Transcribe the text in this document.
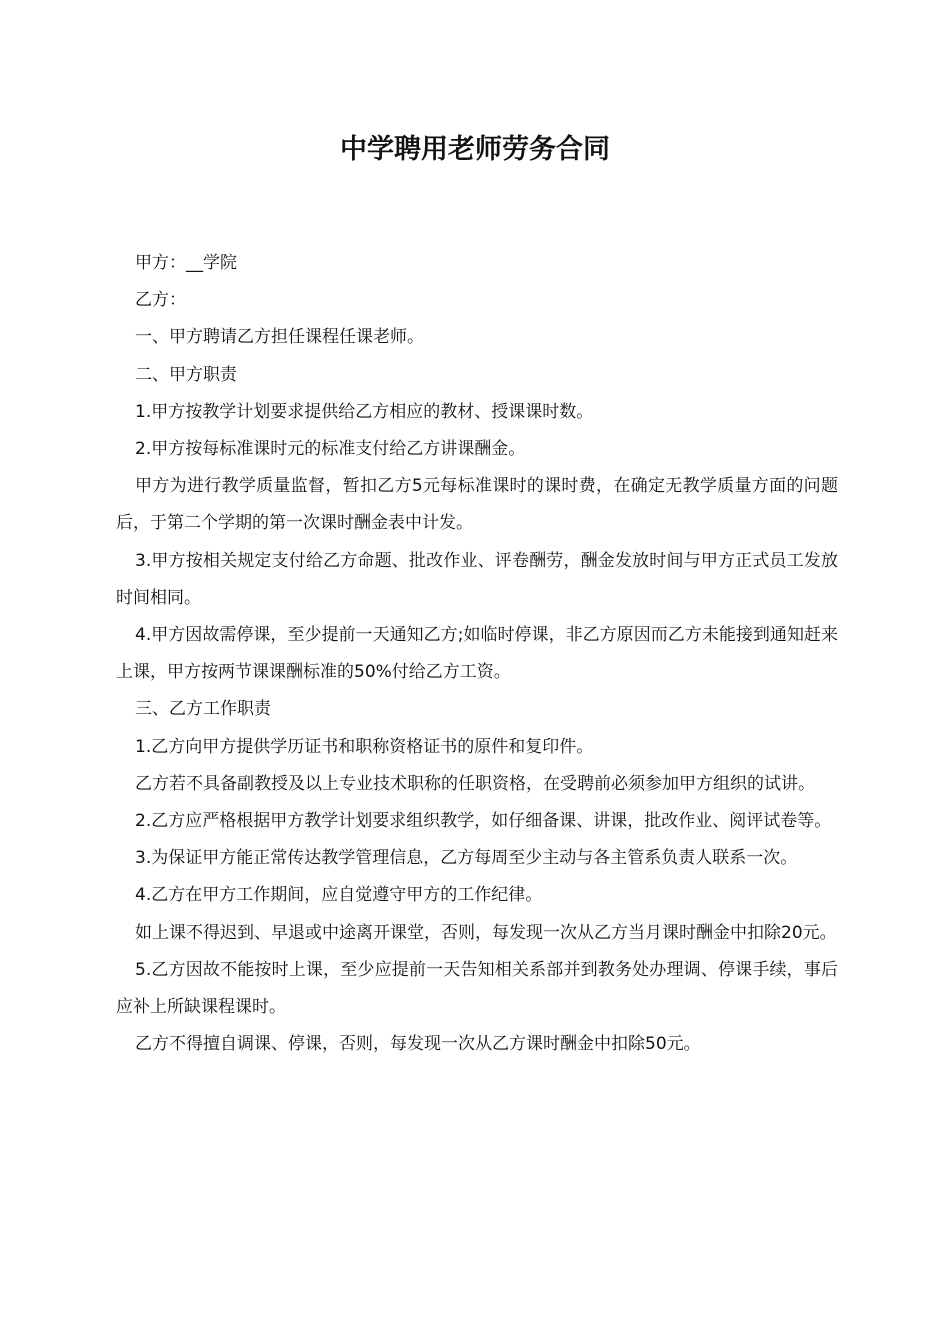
中学聘用老师劳务合同

甲方：__学院

乙方：

一、甲方聘请乙方担任课程任课老师。

二、甲方职责

1.甲方按教学计划要求提供给乙方相应的教材、授课课时数。

2.甲方按每标准课时元的标准支付给乙方讲课酬金。

甲方为进行教学质量监督，暂扣乙方5元每标准课时的课时费，在确定无教学质量方面的问题后，于第二个学期的第一次课时酬金表中计发。

3.甲方按相关规定支付给乙方命题、批改作业、评卷酬劳，酬金发放时间与甲方正式员工发放时间相同。

4.甲方因故需停课，至少提前一天通知乙方;如临时停课，非乙方原因而乙方未能接到通知赶来上课，甲方按两节课课酬标准的50%付给乙方工资。

三、乙方工作职责

1.乙方向甲方提供学历证书和职称资格证书的原件和复印件。

乙方若不具备副教授及以上专业技术职称的任职资格，在受聘前必须参加甲方组织的试讲。

2.乙方应严格根据甲方教学计划要求组织教学，如仔细备课、讲课，批改作业、阅评试卷等。

3.为保证甲方能正常传达教学管理信息，乙方每周至少主动与各主管系负责人联系一次。

4.乙方在甲方工作期间，应自觉遵守甲方的工作纪律。

如上课不得迟到、早退或中途离开课堂，否则，每发现一次从乙方当月课时酬金中扣除20元。

5.乙方因故不能按时上课，至少应提前一天告知相关系部并到教务处办理调、停课手续，事后应补上所缺课程课时。

乙方不得擅自调课、停课，否则，每发现一次从乙方课时酬金中扣除50元。
